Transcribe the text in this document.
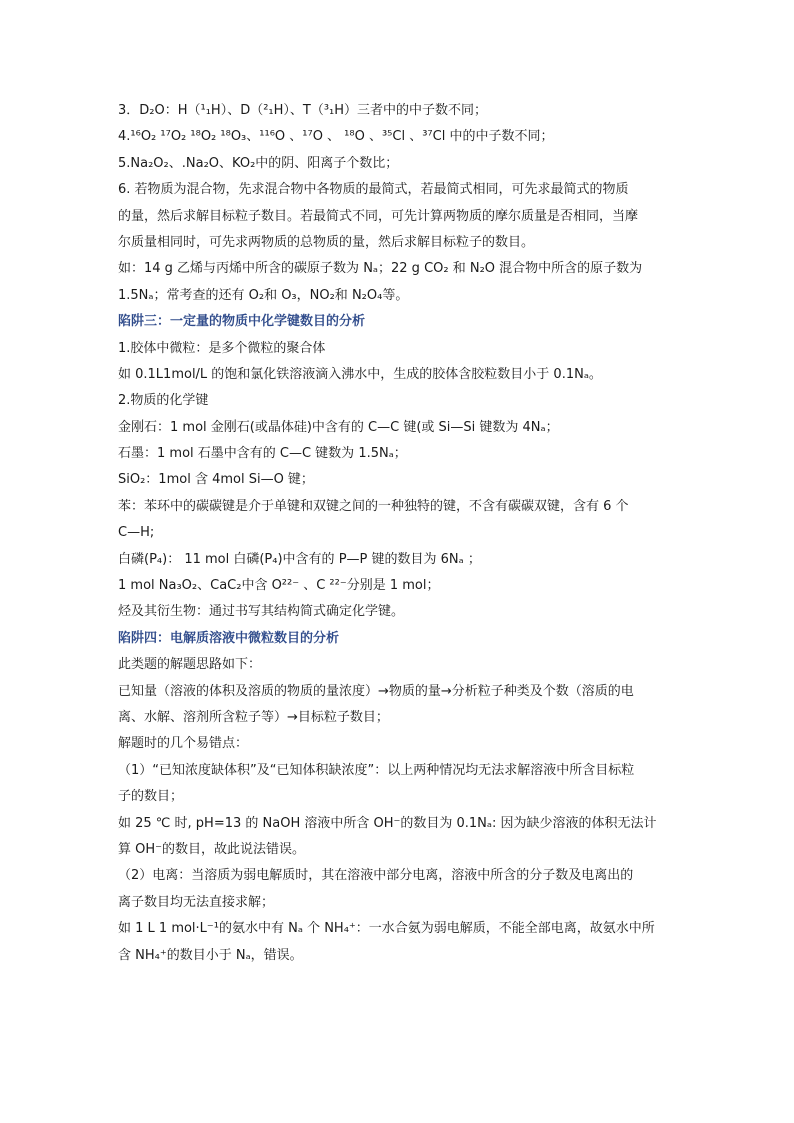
3．D₂O：H（¹₁H）、D（²₁H）、T（³₁H）三者中的中子数不同；
4.¹⁶O₂ ¹⁷O₂ ¹⁸O₂ ¹⁸O₃、¹¹⁶O 、¹⁷O 、 ¹⁸O 、³⁵Cl 、³⁷Cl 中的中子数不同；
5.Na₂O₂、.Na₂O、KO₂中的阴、阳离子个数比；
6. 若物质为混合物，先求混合物中各物质的最简式，若最简式相同，可先求最简式的物质
的量，然后求解目标粒子数目。若最简式不同，可先计算两物质的摩尔质量是否相同，当摩
尔质量相同时，可先求两物质的总物质的量，然后求解目标粒子的数目。
如：14 g 乙烯与丙烯中所含的碳原子数为 Nₐ；22 g CO₂ 和 N₂O 混合物中所含的原子数为
1.5Nₐ；常考查的还有 O₂和 O₃，NO₂和 N₂O₄等。
陷阱三：一定量的物质中化学键数目的分析
1.胶体中微粒：是多个微粒的聚合体
如 0.1L1mol/L 的饱和氯化铁溶液滴入沸水中，生成的胶体含胶粒数目小于 0.1Nₐ。
2.物质的化学键
金刚石：1 mol 金刚石(或晶体硅)中含有的 C—C 键(或 Si—Si 键数为 4Nₐ；
石墨：1 mol 石墨中含有的 C—C 键数为 1.5Nₐ；
SiO₂：1mol 含 4mol Si—O 键；
苯：苯环中的碳碳键是介于单键和双键之间的一种独特的键，不含有碳碳双键，含有 6 个
C—H;
白磷(P₄)： 11 mol 白磷(P₄)中含有的 P—P 键的数目为 6Nₐ ；
1 mol Na₃O₂、CaC₂中含 O²²⁻ 、C ²²⁻分别是 1 mol；
烃及其衍生物：通过书写其结构简式确定化学键。
陷阱四：电解质溶液中微粒数目的分析
此类题的解题思路如下：
已知量（溶液的体积及溶质的物质的量浓度）→物质的量→分析粒子种类及个数（溶质的电
离、水解、溶剂所含粒子等）→目标粒子数目；
解题时的几个易错点：
（1）“已知浓度缺体积”及“已知体积缺浓度”：以上两种情况均无法求解溶液中所含目标粒
子的数目；
如 25 ℃ 时, pH=13 的 NaOH 溶液中所含 OH⁻的数目为 0.1Nₐ: 因为缺少溶液的体积无法计
算 OH⁻的数目，故此说法错误。
（2）电离：当溶质为弱电解质时，其在溶液中部分电离，溶液中所含的分子数及电离出的
离子数目均无法直接求解；
如 1 L 1 mol·L⁻¹的氨水中有 Nₐ 个 NH₄⁺：一水合氨为弱电解质，不能全部电离，故氨水中所
含 NH₄⁺的数目小于 Nₐ，错误。
